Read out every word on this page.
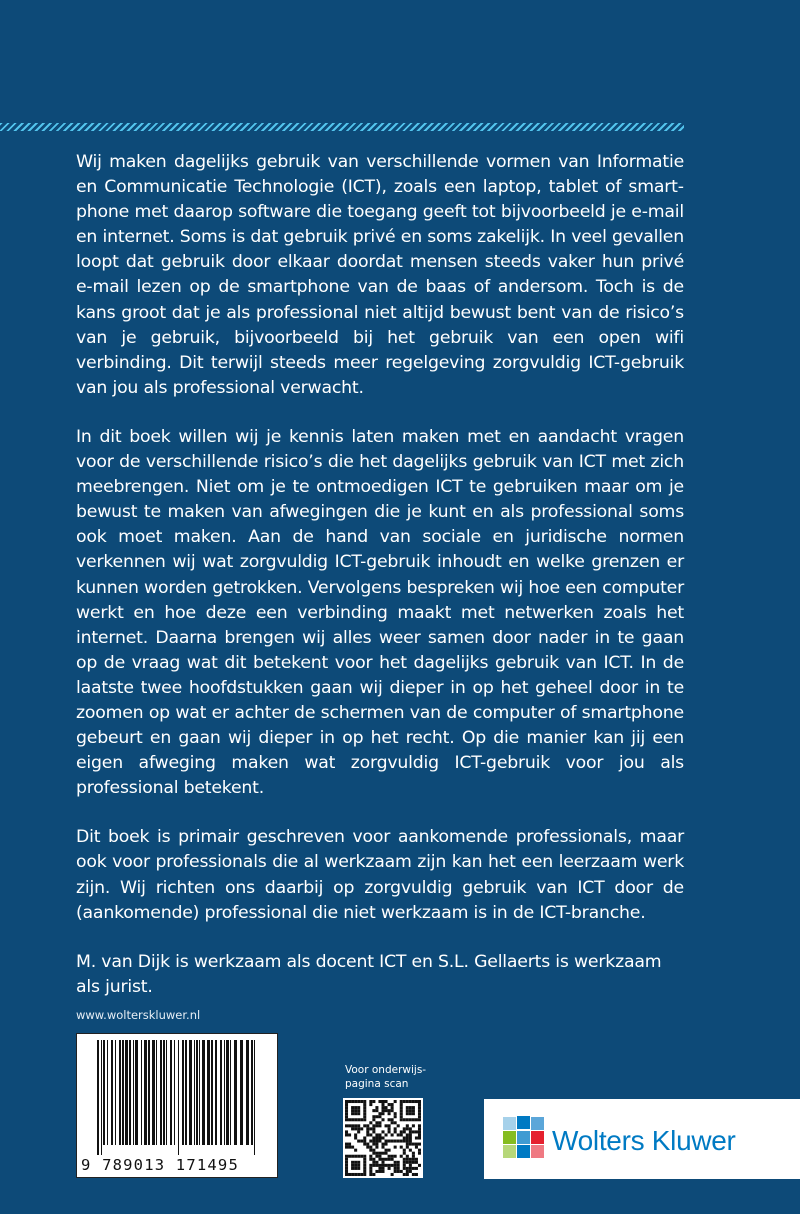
Wij maken dagelijks gebruik van verschillende vormen van Informatie en Communicatie Technologie (ICT), zoals een laptop, tablet of smartphone met daarop software die toegang geeft tot bijvoorbeeld je e-mail en internet. Soms is dat gebruik privé en soms zakelijk. In veel gevallen loopt dat gebruik door elkaar doordat mensen steeds vaker hun privé e-mail lezen op de smartphone van de baas of andersom. Toch is de kans groot dat je als professional niet altijd bewust bent van de risico’s van je gebruik, bijvoorbeeld bij het gebruik van een open wifi verbinding. Dit terwijl steeds meer regelgeving zorgvuldig ICT-gebruik van jou als professional verwacht.

In dit boek willen wij je kennis laten maken met en aandacht vragen voor de verschillende risico’s die het dagelijks gebruik van ICT met zich meebrengen. Niet om je te ontmoedigen ICT te gebruiken maar om je bewust te maken van afwegingen die je kunt en als professional soms ook moet maken. Aan de hand van sociale en juridische normen verkennen wij wat zorgvuldig ICT-gebruik inhoudt en welke grenzen er kunnen worden getrokken. Vervolgens bespreken wij hoe een computer werkt en hoe deze een verbinding maakt met netwerken zoals het internet. Daarna brengen wij alles weer samen door nader in te gaan op de vraag wat dit betekent voor het dagelijks gebruik van ICT. In de laatste twee hoofdstukken gaan wij dieper in op het geheel door in te zoomen op wat er achter de schermen van de computer of smartphone gebeurt en gaan wij dieper in op het recht. Op die manier kan jij een eigen afweging maken wat zorgvuldig ICT-gebruik voor jou als professional betekent.

Dit boek is primair geschreven voor aankomende professionals, maar ook voor professionals die al werkzaam zijn kan het een leerzaam werk zijn. Wij richten ons daarbij op zorgvuldig gebruik van ICT door de (aankomende) professional die niet werkzaam is in de ICT-branche.

M. van Dijk is werkzaam als docent ICT en S.L. Gellaerts is werkzaam als jurist.

www.wolterskluwer.nl
9 789013 171495
Voor onderwijs-pagina scan
Wolters Kluwer
